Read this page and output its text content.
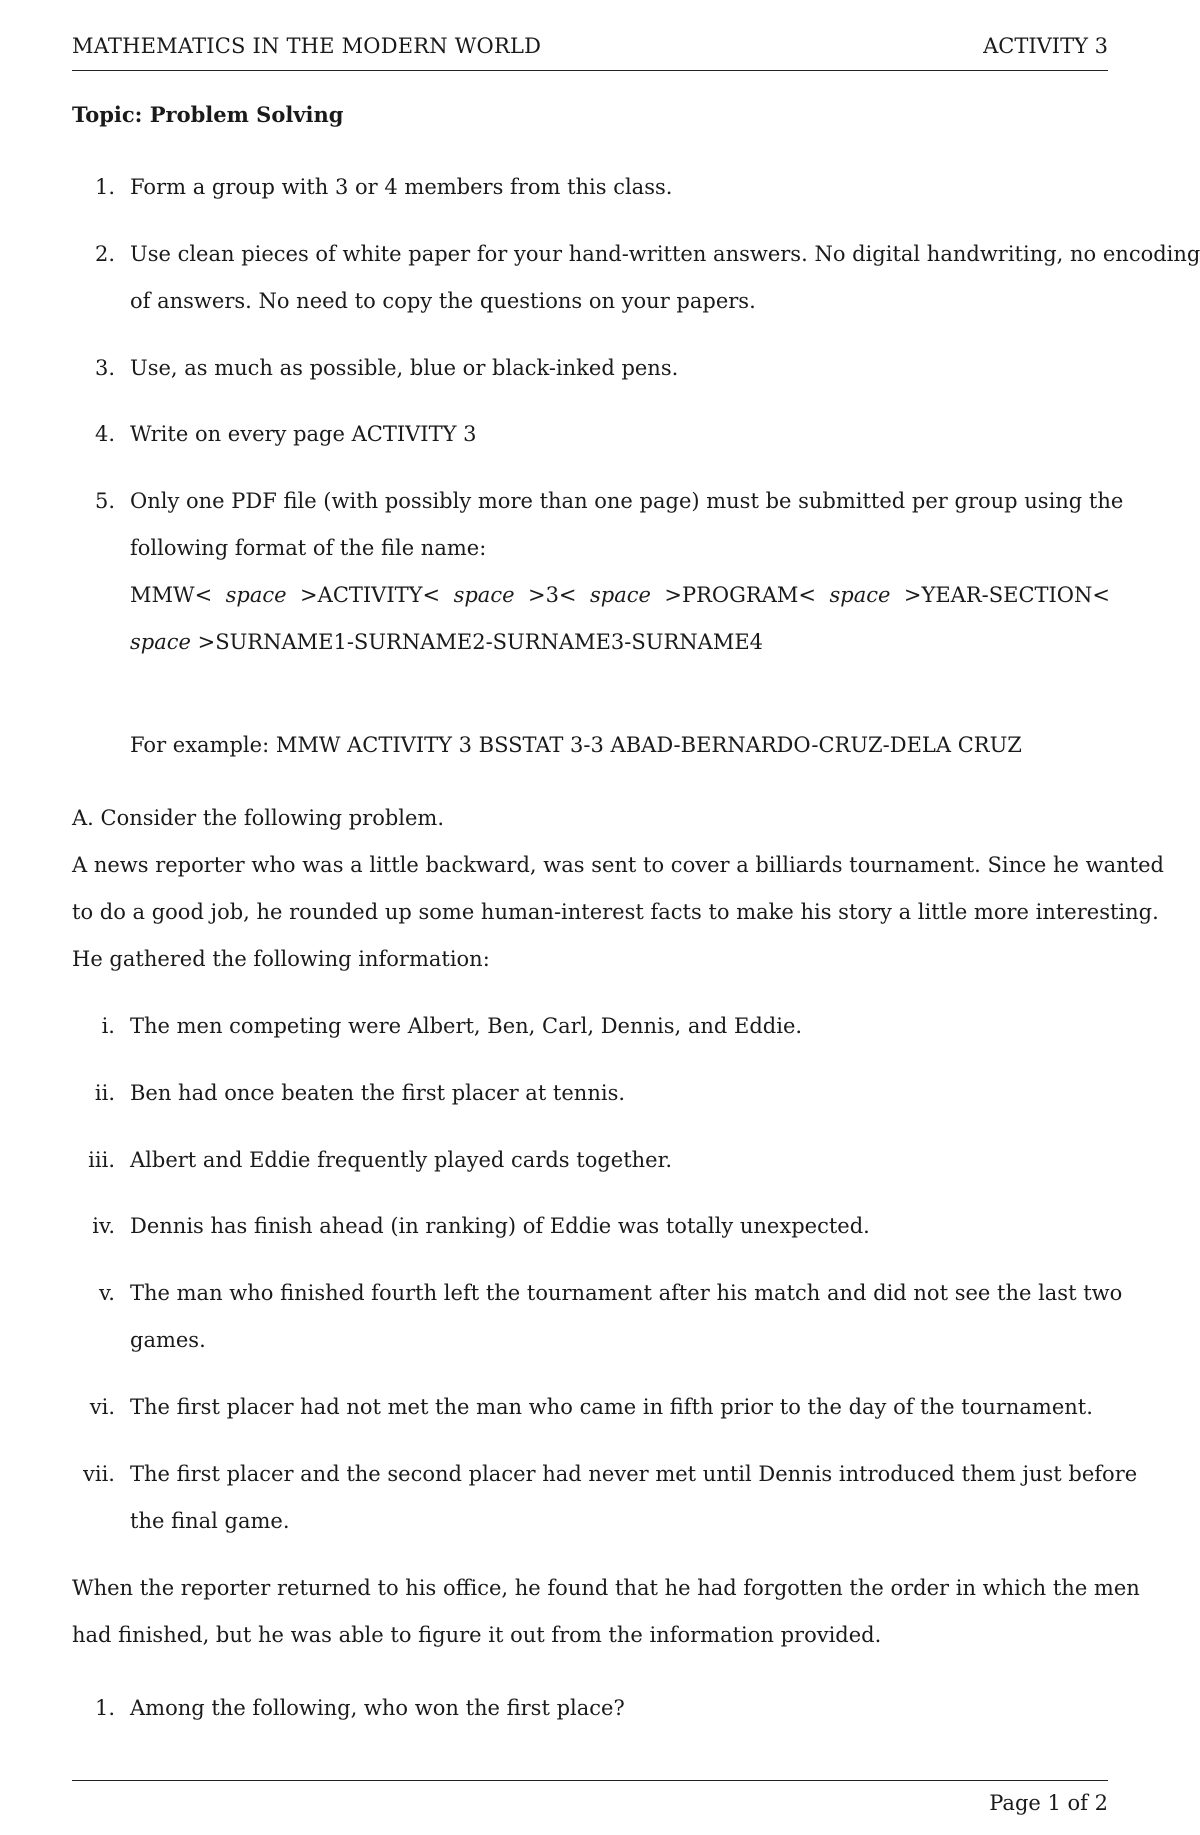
MATHEMATICS IN THE MODERN WORLD	ACTIVITY 3
Topic: Problem Solving
1. Form a group with 3 or 4 members from this class.
2. Use clean pieces of white paper for your hand-written answers. No digital handwriting, no encoding
of answers. No need to copy the questions on your papers.
3. Use, as much as possible, blue or black-inked pens.
4. Write on every page ACTIVITY 3
5. Only one PDF file (with possibly more than one page) must be submitted per group using the
following format of the file name:
MMW< space >ACTIVITY< space >3< space >PROGRAM< space >YEAR-SECTION<
space >SURNAME1-SURNAME2-SURNAME3-SURNAME4
For example: MMW ACTIVITY 3 BSSTAT 3-3 ABAD-BERNARDO-CRUZ-DELA CRUZ
A. Consider the following problem.
A news reporter who was a little backward, was sent to cover a billiards tournament. Since he wanted
to do a good job, he rounded up some human-interest facts to make his story a little more interesting.
He gathered the following information:
i. The men competing were Albert, Ben, Carl, Dennis, and Eddie.
ii. Ben had once beaten the first placer at tennis.
iii. Albert and Eddie frequently played cards together.
iv. Dennis has finish ahead (in ranking) of Eddie was totally unexpected.
v. The man who finished fourth left the tournament after his match and did not see the last two
games.
vi. The first placer had not met the man who came in fifth prior to the day of the tournament.
vii. The first placer and the second placer had never met until Dennis introduced them just before
the final game.
When the reporter returned to his office, he found that he had forgotten the order in which the men
had finished, but he was able to figure it out from the information provided.
1. Among the following, who won the first place?
Page 1 of 2
